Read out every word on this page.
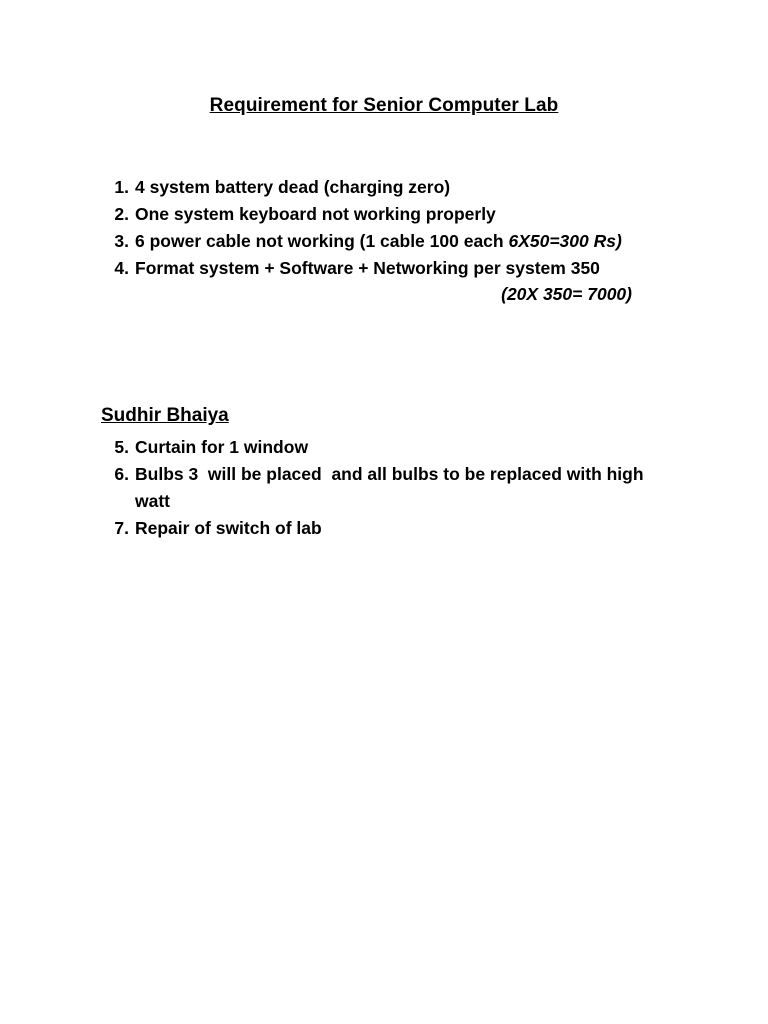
Requirement for Senior Computer Lab
1. 4 system battery dead (charging zero)
2. One system keyboard not working properly
3. 6 power cable not working (1 cable 100 each 6X50=300 Rs)
4. Format system + Software + Networking per system 350
(20X 350= 7000)
Sudhir Bhaiya
5. Curtain for 1 window
6. Bulbs 3  will be placed  and all bulbs to be replaced with high watt
7. Repair of switch of lab
